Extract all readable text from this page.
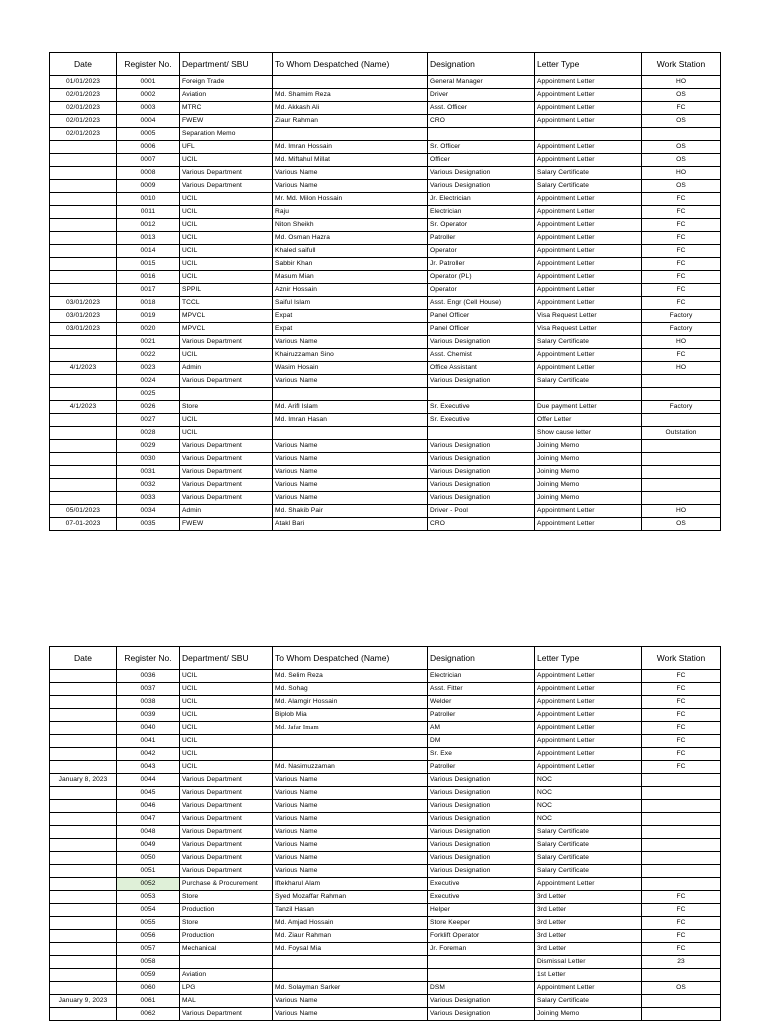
Date	Register No.	Department/ SBU	To Whom Despatched (Name)	Designation	Letter Type	Work Station
01/01/2023	0001	Foreign Trade		General Manager	Appointment Letter	HO
02/01/2023	0002	Aviation	Md. Shamim Reza	Driver	Appointment Letter	OS
02/01/2023	0003	MTRC	Md. Akkash Ali	Asst. Officer	Appointment Letter	FC
02/01/2023	0004	FWEW	Ziaur Rahman	CRO	Appointment Letter	OS
02/01/2023	0005	Separation Memo				
	0006	UFL	Md. Imran Hossain	Sr. Officer	Appointment Letter	OS
	0007	UCIL	Md. Miftahul Millat	Officer	Appointment Letter	OS
	0008	Various Department	Various Name	Various Designation	Salary Certificate	HO
	0009	Various Department	Various Name	Various Designation	Salary Certificate	OS
	0010	UCIL	Mr. Md. Milon Hossain	Jr. Electrician	Appointment Letter	FC
	0011	UCIL	Raju	Electrician	Appointment Letter	FC
	0012	UCIL	Niton Sheikh	Sr. Operator	Appointment Letter	FC
	0013	UCIL	Md. Osman Hazra	Patroller	Appointment Letter	FC
	0014	UCIL	Khaled saifull	Operator	Appointment Letter	FC
	0015	UCIL	Sabbir Khan	Jr. Patroller	Appointment Letter	FC
	0016	UCIL	Masum Mian	Operator (PL)	Appointment Letter	FC
	0017	SPPIL	Aznir Hossain	Operator	Appointment Letter	FC
03/01/2023	0018	TCCL	Saiful Islam	Asst. Engr (Cell House)	Appointment Letter	FC
03/01/2023	0019	MPVCL	Expat	Panel Officer	Visa Request Letter	Factory
03/01/2023	0020	MPVCL	Expat	Panel Officer	Visa Request Letter	Factory
	0021	Various Department	Various Name	Various Designation	Salary Certificate	HO
	0022	UCIL	Khairuzzaman Sino	Asst. Chemist	Appointment Letter	FC
4/1/2023	0023	Admin	Wasim Hosain	Office Assistant	Appointment Letter	HO
	0024	Various Department	Various Name	Various Designation	Salary Certificate	
	0025					
4/1/2023	0026	Store	Md. Arifl Islam	Sr. Executive	Due payment Letter	Factory
	0027	UCIL	Md. Imran Hasan	Sr. Executive	Offer Letter	
	0028	UCIL			Show cause letter	Outstation
	0029	Various Department	Various Name	Various Designation	Joining Memo	
	0030	Various Department	Various Name	Various Designation	Joining Memo	
	0031	Various Department	Various Name	Various Designation	Joining Memo	
	0032	Various Department	Various Name	Various Designation	Joining Memo	
	0033	Various Department	Various Name	Various Designation	Joining Memo	
05/01/2023	0034	Admin	Md. Shakib Pair	Driver - Pool	Appointment Letter	HO
07-01-2023	0035	FWEW	Atakl Bari	CRO	Appointment Letter	OS
Date	Register No.	Department/ SBU	To Whom Despatched (Name)	Designation	Letter Type	Work Station
	0036	UCIL	Md. Selim Reza	Electrician	Appointment Letter	FC
	0037	UCIL	Md. Sohag	Asst. Fitter	Appointment Letter	FC
	0038	UCIL	Md. Alamgir Hossain	Welder	Appointment Letter	FC
	0039	UCIL	Biplob Mia	Patroller	Appointment Letter	FC
	0040	UCIL	Md. Jafar Imam	AM	Appointment Letter	FC
	0041	UCIL		DM	Appointment Letter	FC
	0042	UCIL		Sr. Exe	Appointment Letter	FC
	0043	UCIL	Md. Nasimuzzaman	Patroller	Appointment Letter	FC
January 8, 2023	0044	Various Department	Various Name	Various Designation	NOC	
	0045	Various Department	Various Name	Various Designation	NOC	
	0046	Various Department	Various Name	Various Designation	NOC	
	0047	Various Department	Various Name	Various Designation	NOC	
	0048	Various Department	Various Name	Various Designation	Salary Certificate	
	0049	Various Department	Various Name	Various Designation	Salary Certificate	
	0050	Various Department	Various Name	Various Designation	Salary Certificate	
	0051	Various Department	Various Name	Various Designation	Salary Certificate	
	0052	Purchase & Procurement	Iftekharul Alam	Executive	Appointment Letter	
	0053	Store	Syed Mozaffar Rahman	Executive	3rd Letter	FC
	0054	Production	Tanzil Hasan	Helper	3rd Letter	FC
	0055	Store	Md. Amjad Hossain	Store Keeper	3rd Letter	FC
	0056	Production	Md. Ziaur Rahman	Forklift Operator	3rd Letter	FC
	0057	Mechanical	Md. Foysal Mia	Jr. Foreman	3rd Letter	FC
	0058				Dismissal Letter	23
	0059	Aviation			1st Letter	
	0060	LPG	Md. Solayman Sarker	DSM	Appointment Letter	OS
January 9, 2023	0061	MAL	Various Name	Various Designation	Salary Certificate	
	0062	Various Department	Various Name	Various Designation	Joining Memo	
